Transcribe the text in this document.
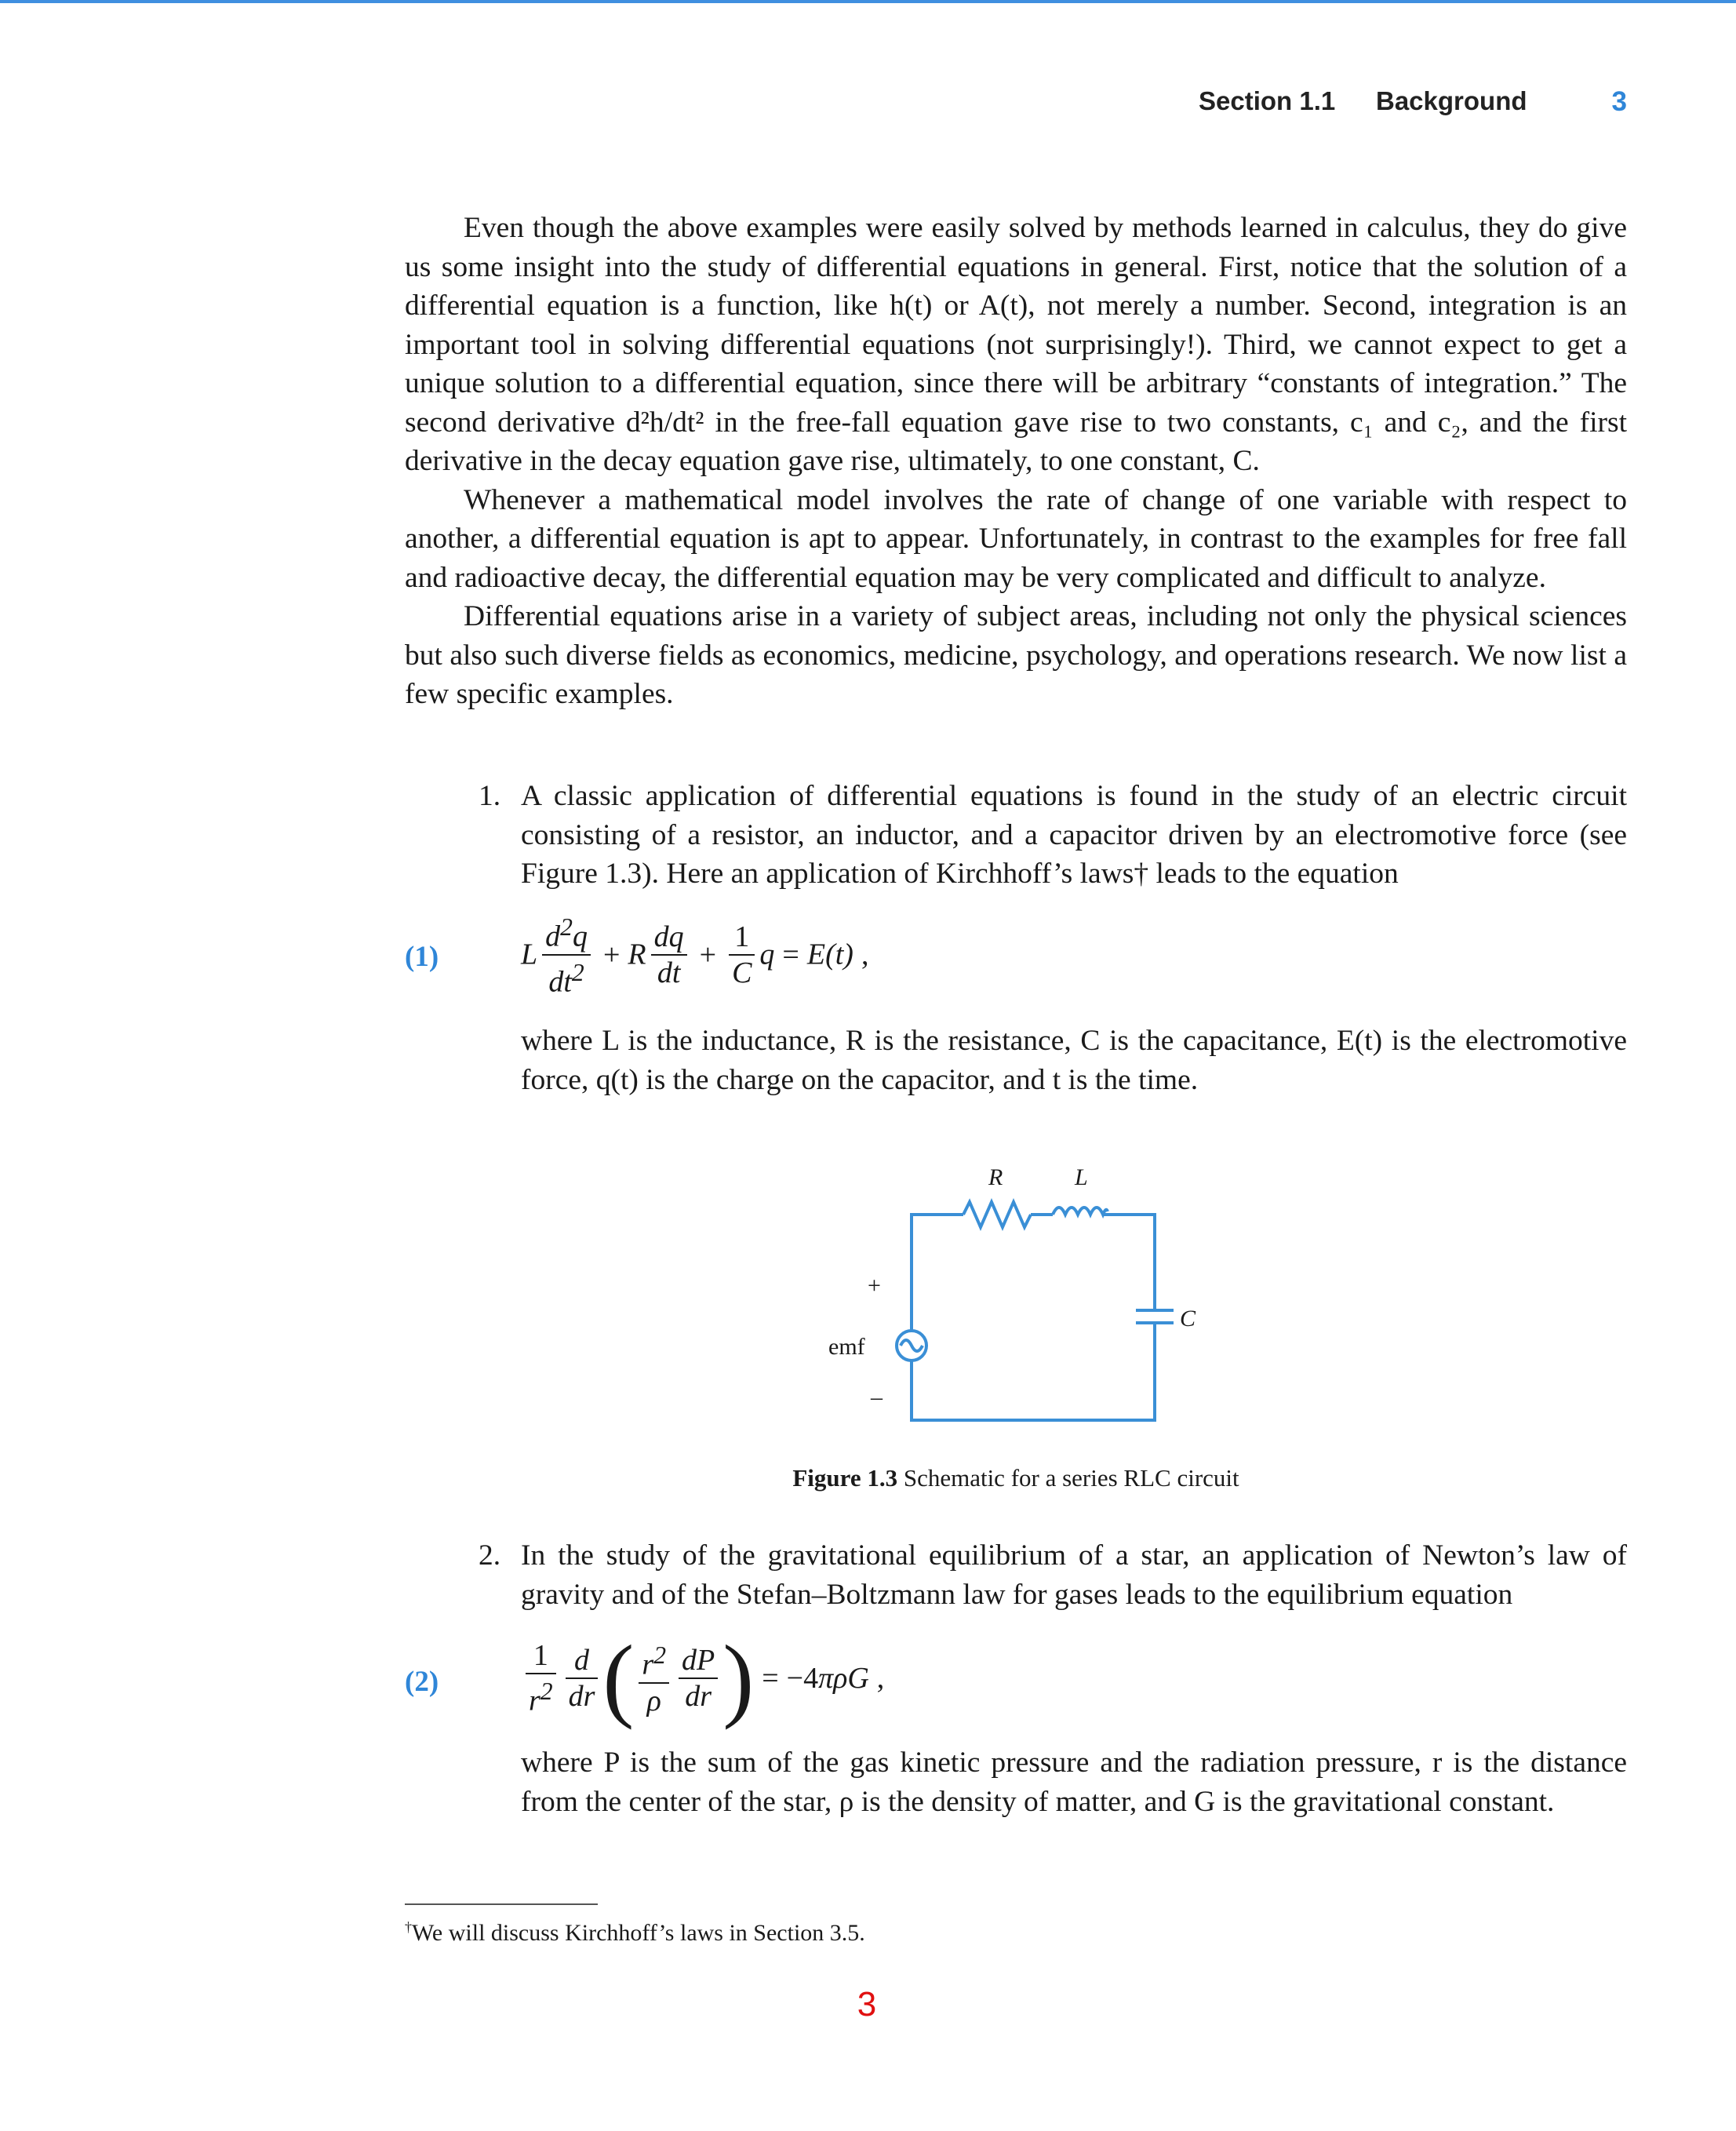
Section 1.1 Background	3

Even though the above examples were easily solved by methods learned in calculus, they do give us some insight into the study of differential equations in general. First, notice that the solution of a differential equation is a function, like h(t) or A(t), not merely a number. Second, integration is an important tool in solving differential equations (not surprisingly!). Third, we cannot expect to get a unique solution to a differential equation, since there will be arbitrary “constants of integration.” The second derivative d²h/dt² in the free-fall equation gave rise to two constants, c₁ and c₂, and the first derivative in the decay equation gave rise, ultimately, to one constant, C.

Whenever a mathematical model involves the rate of change of one variable with respect to another, a differential equation is apt to appear. Unfortunately, in contrast to the examples for free fall and radioactive decay, the differential equation may be very complicated and difficult to analyze.

Differential equations arise in a variety of subject areas, including not only the physical sciences but also such diverse fields as economics, medicine, psychology, and operations research. We now list a few specific examples.

1. A classic application of differential equations is found in the study of an electric circuit consisting of a resistor, an inductor, and a capacitor driven by an electromotive force (see Figure 1.3). Here an application of Kirchhoff’s laws† leads to the equation
(1)	L $\frac{d^2q}{dt^2} + R \frac{dq}{dt} + \frac{1}{C}$ q = E(t) ,

where L is the inductance, R is the resistance, C is the capacitance, E(t) is the electromotive force, q(t) is the charge on the capacitor, and t is the time.

R	L
C
emf
+
–
Figure 1.3 Schematic for a series RLC circuit
2. In the study of the gravitational equilibrium of a star, an application of Newton’s law of gravity and of the Stefan–Boltzmann law for gases leads to the equilibrium equation
(2)	$\frac{1}{r^2} \frac{d}{dr}$ ( $\frac{r^2}{\rho} \frac{dP}{dr}$ ) = −4πρG ,

where P is the sum of the gas kinetic pressure and the radiation pressure, r is the distance from the center of the star, ρ is the density of matter, and G is the gravitational constant.

†We will discuss Kirchhoff’s laws in Section 3.5.
3
